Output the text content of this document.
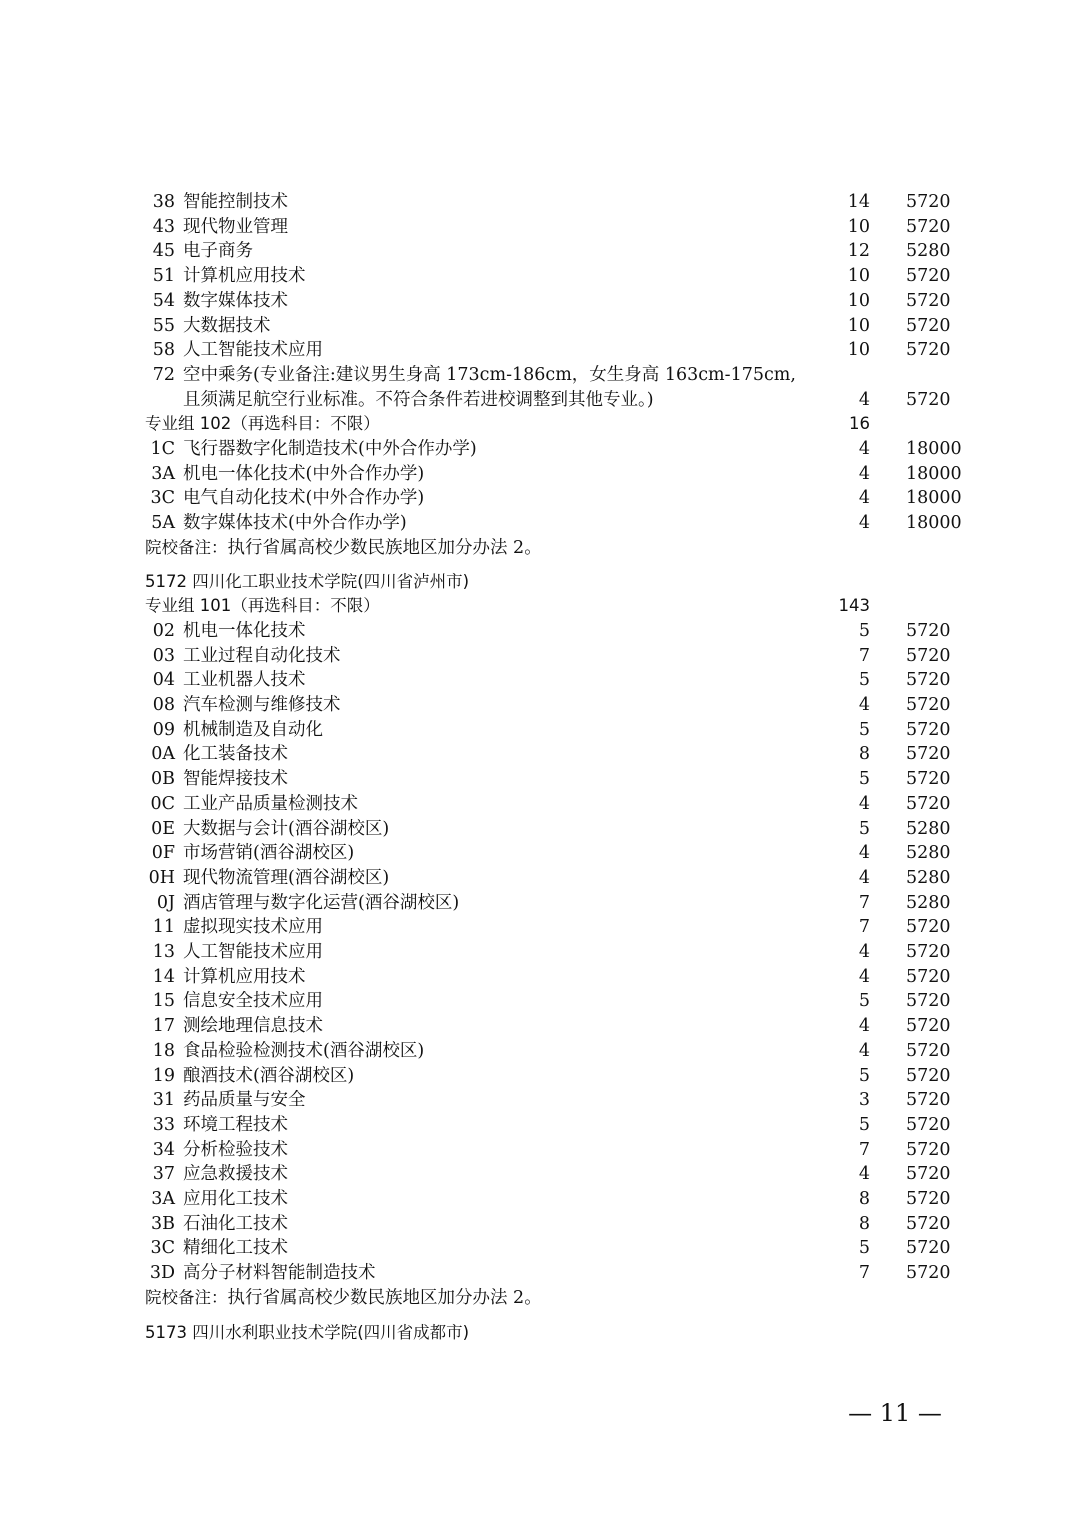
38 智能控制技术	14 5720
43 现代物业管理	10 5720
45 电子商务	12 5280
51 计算机应用技术	10 5720
54 数字媒体技术	10 5720
55 大数据技术	10 5720
58 人工智能技术应用	10 5720
72 空中乘务(专业备注:建议男生身高 173cm-186cm，女生身高 163cm-175cm,
且须满足航空行业标准。不符合条件若进校调整到其他专业。)	4 5720
专业组 102（再选科目：不限）	16
1C 飞行器数字化制造技术(中外合作办学)	4 18000
3A 机电一体化技术(中外合作办学)	4 18000
3C 电气自动化技术(中外合作办学)	4 18000
5A 数字媒体技术(中外合作办学)	4 18000
院校备注：执行省属高校少数民族地区加分办法 2。
5172 四川化工职业技术学院(四川省泸州市)
专业组 101（再选科目：不限）	143
02 机电一体化技术	5 5720
03 工业过程自动化技术	7 5720
04 工业机器人技术	5 5720
08 汽车检测与维修技术	4 5720
09 机械制造及自动化	5 5720
0A 化工装备技术	8 5720
0B 智能焊接技术	5 5720
0C 工业产品质量检测技术	4 5720
0E 大数据与会计(酒谷湖校区)	5 5280
0F 市场营销(酒谷湖校区)	4 5280
0H 现代物流管理(酒谷湖校区)	4 5280
0J 酒店管理与数字化运营(酒谷湖校区)	7 5280
11 虚拟现实技术应用	7 5720
13 人工智能技术应用	4 5720
14 计算机应用技术	4 5720
15 信息安全技术应用	5 5720
17 测绘地理信息技术	4 5720
18 食品检验检测技术(酒谷湖校区)	4 5720
19 酿酒技术(酒谷湖校区)	5 5720
31 药品质量与安全	3 5720
33 环境工程技术	5 5720
34 分析检验技术	7 5720
37 应急救援技术	4 5720
3A 应用化工技术	8 5720
3B 石油化工技术	8 5720
3C 精细化工技术	5 5720
3D 高分子材料智能制造技术	7 5720
院校备注：执行省属高校少数民族地区加分办法 2。
5173 四川水利职业技术学院(四川省成都市)
— 11 —
